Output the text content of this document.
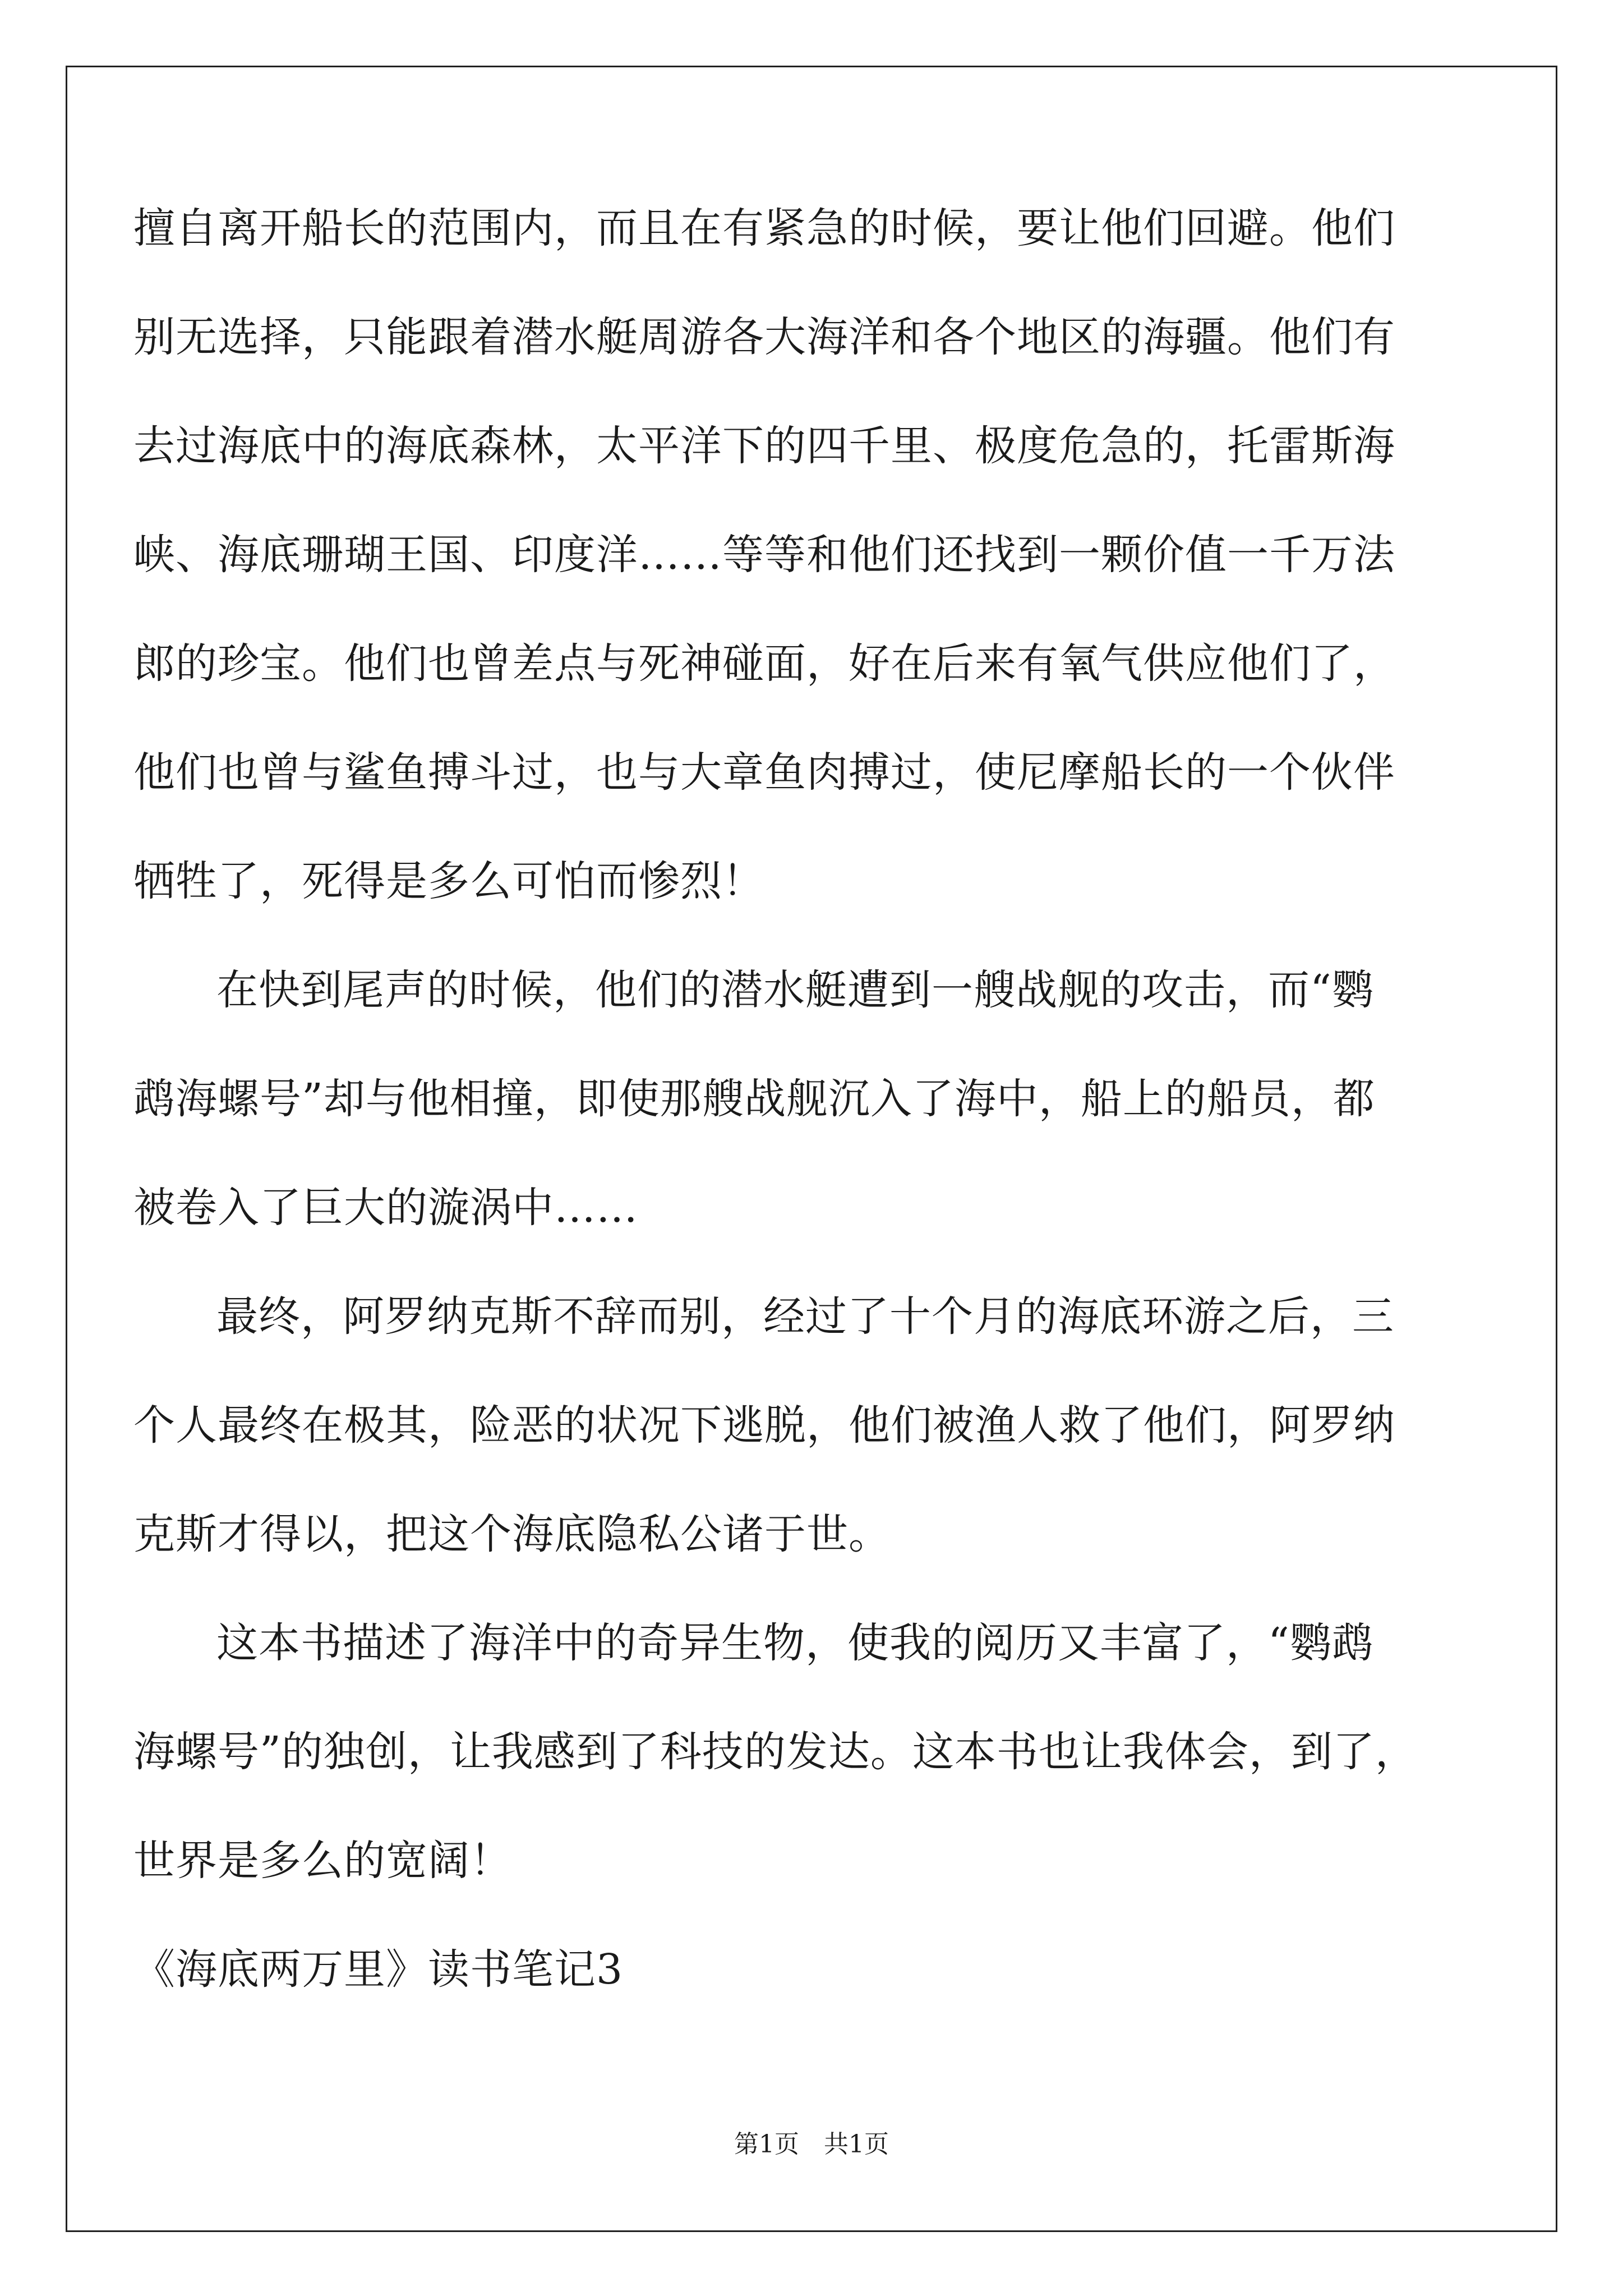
擅自离开船长的范围内，而且在有紧急的时候，要让他们回避。他们
别无选择，只能跟着潜水艇周游各大海洋和各个地区的海疆。他们有
去过海底中的海底森林，太平洋下的四千里、极度危急的，托雷斯海
峡、海底珊瑚王国、印度洋……等等和他们还找到一颗价值一千万法
郎的珍宝。他们也曾差点与死神碰面，好在后来有氧气供应他们了，
他们也曾与鲨鱼搏斗过，也与大章鱼肉搏过，使尼摩船长的一个伙伴
牺牲了，死得是多么可怕而惨烈！
在快到尾声的时候，他们的潜水艇遭到一艘战舰的攻击，而“鹦
鹉海螺号”却与他相撞，即使那艘战舰沉入了海中，船上的船员，都
被卷入了巨大的漩涡中……
最终，阿罗纳克斯不辞而别，经过了十个月的海底环游之后，三
个人最终在极其，险恶的状况下逃脱，他们被渔人救了他们，阿罗纳
克斯才得以，把这个海底隐私公诸于世。
这本书描述了海洋中的奇异生物，使我的阅历又丰富了，“鹦鹉
海螺号”的独创，让我感到了科技的发达。这本书也让我体会，到了，
世界是多么的宽阔！
《海底两万里》读书笔记3
第1页　共1页
